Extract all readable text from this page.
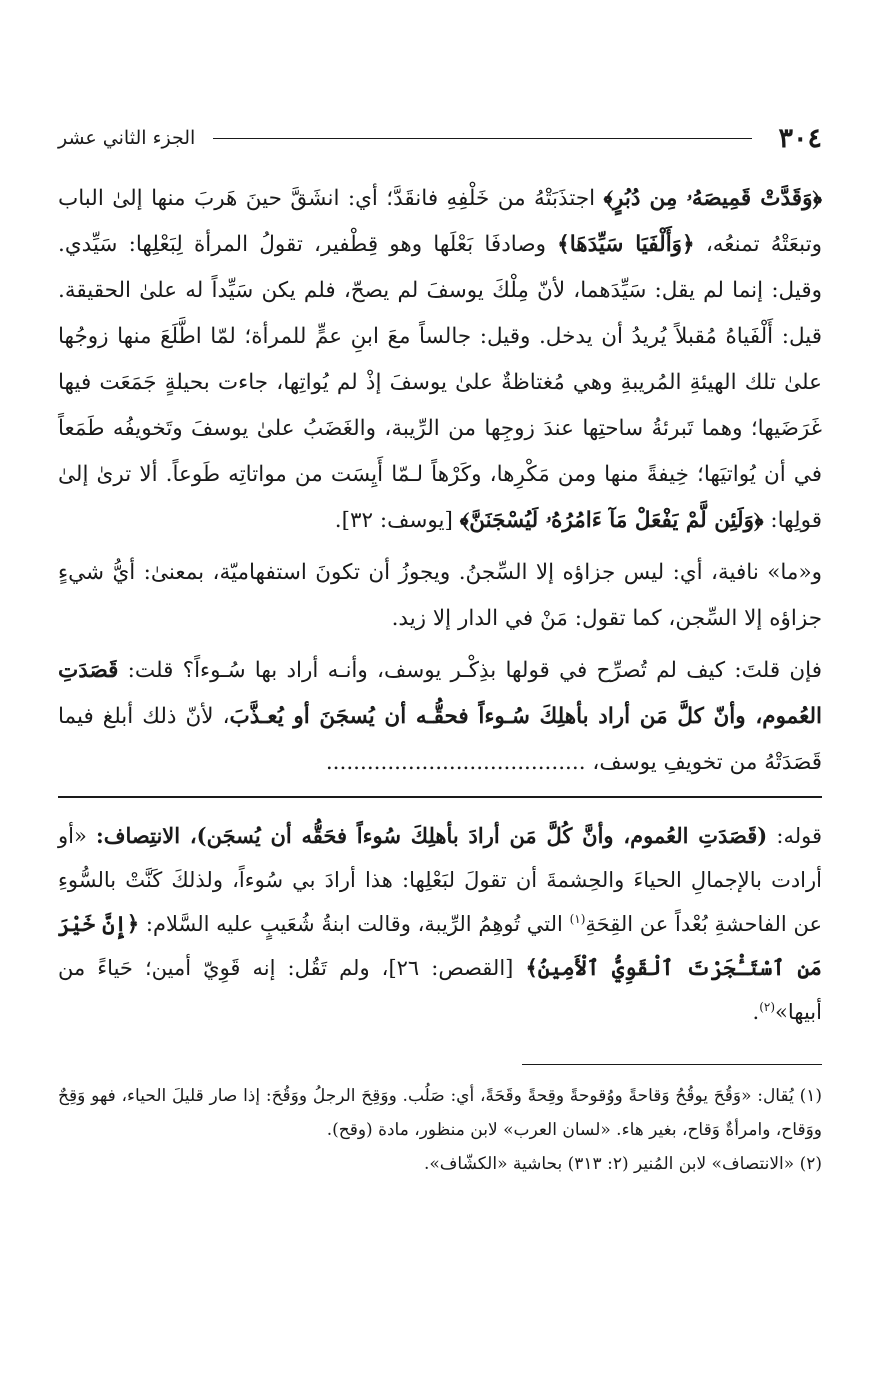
٣٠٤
الجزء الثاني عشر

﴿وَقَدَّتْ قَمِيصَهُۥ مِن دُبُرٍ﴾ اجتذَبَتْهُ من خَلْفِهِ فانقَدَّ؛ أي: انشَقَّ حينَ هَربَ منها إلىٰ الباب وتبعَتْهُ تمنعُه، ﴿وَأَلْفَيَا سَيِّدَهَا﴾ وصادفَا بَعْلَها وهو قِطْفير، تقولُ المرأة لِبَعْلِها: سَيِّدي. وقيل: إنما لم يقل: سَيِّدَهما، لأنّ مِلْكَ يوسفَ لم يصحّ، فلم يكن سَيِّداً له علىٰ الحقيقة. قيل: أَلْفَياهُ مُقبلاً يُريدُ أن يدخل. وقيل: جالساً معَ ابنِ عمٍّ للمرأة؛ لمّا اطَّلَعَ منها زوجُها علىٰ تلك الهيئةِ المُريبةِ وهي مُغتاظةٌ علىٰ يوسفَ إذْ لم يُواتِها، جاءت بحيلةٍ جَمَعَت فيها غَرَضَيها؛ وهما تَبرئةُ ساحتِها عندَ زوجِها من الرِّيبة، والغَضَبُ علىٰ يوسفَ وتَخويفُه طَمَعاً في أن يُواتيَها؛ خِيفةً منها ومن مَكْرِها، وكَرْهاً لـمّا أَيِسَت من مواتاتِه طَوعاً. ألا ترىٰ إلىٰ قولِها: ﴿وَلَئِن لَّمْ يَفْعَلْ مَآ ءَامُرُهُۥ لَيُسْجَنَنَّ﴾ [يوسف: ٣٢].

و«ما» نافية، أي: ليس جزاؤه إلا السِّجنُ. ويجوزُ أن تكونَ استفهاميّة، بمعنىٰ: أيُّ شيءٍ جزاؤه إلا السِّجن، كما تقول: مَنْ في الدار إلا زيد.

فإن قلتَ: كيف لم تُصرِّح في قولها بذِكْـر يوسف، وأنـه أراد بها سُـوءاً؟ قلت: قَصَدَتِ العُموم، وأنّ كلَّ مَن أراد بأهلِكَ سُـوءاً فحقُّـه أن يُسجَنَ أو يُعـذَّبَ، لأنّ ذلك أبلغ فيما قَصَدَتْهُ من تخويفِ يوسف، ......................................

قوله: (قَصَدَتِ العُموم، وأنَّ كُلَّ مَن أرادَ بأهلِكَ سُوءاً فحَقُّه أن يُسجَن)، الانتِصاف: «أو أرادت بالإجمالِ الحياءَ والحِشمةَ أن تقولَ لبَعْلِها: هذا أرادَ بي سُوءاً، ولذلكَ كَنَّتْ بالسُّوءِ عن الفاحشةِ بُعْداً عن القِحَةِ$^{(١)}$ التي تُوهِمُ الرِّيبة، وقالت ابنةُ شُعَيبٍ عليه السَّلام: ﴿إِنَّ خَيْرَ مَنِ ٱسْتَـْٔجَرْتَ ٱلْقَوِيُّ ٱلْأَمِينُ﴾ [القصص: ٢٦]، ولم تَقُل: إنه قَوِيّ أمين؛ حَياءً من أبيها»$^{(٢)}$.

(١) يُقال: «وَقُحَ يوقُحُ وَقاحةً ووُقوحةً وقِحةً وقَحَةً، أي: صَلُب. ووَقِحَ الرجلُ ووَقُحَ: إذا صار قليلَ الحياء، فهو وَقِحٌ ووَقاح، وامرأةٌ وَقاح، بغير هاء. «لسان العرب» لابن منظور، مادة (وقح).

(٢) «الانتصاف» لابن المُنير (٢: ٣١٣) بحاشية «الكشّاف».
